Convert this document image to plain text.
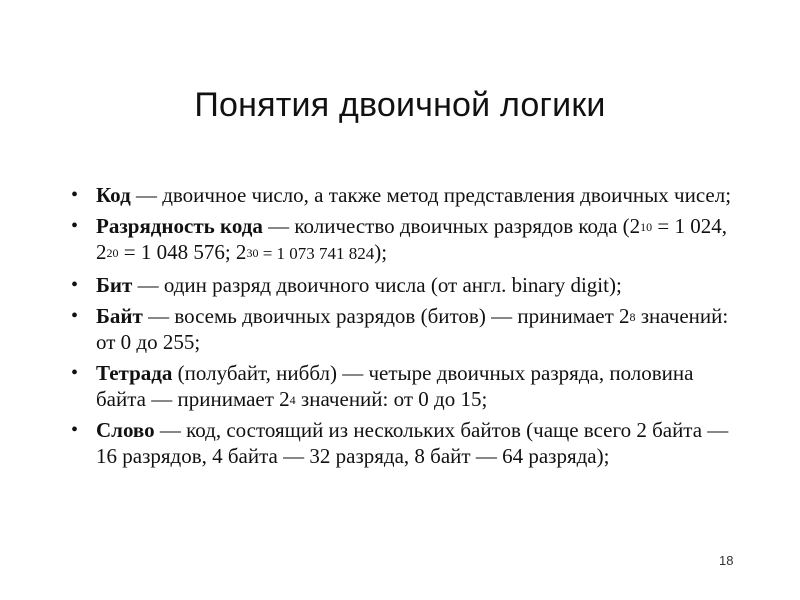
Понятия двоичной логики
• Код — двоичное число, а также метод представления двоичных чисел;
• Разрядность кода — количество двоичных разрядов кода ($2^{10} = 1$ 024, $2^{20} = 1$ 048 576; $2^{30} = 1$ 073 741 824);
• Бит — один разряд двоичного числа (от англ. binary digit);
• Байт — восемь двоичных разрядов (битов) — принимает $2^8$ значений: от 0 до 255;
• Тетрада (полубайт, ниббл) — четыре двоичных разряда, половина байта — принимает $2^4$ значений: от 0 до 15;
• Слово — код, состоящий из нескольких байтов (чаще всего 2 байта — 16 разрядов, 4 байта — 32 разряда, 8 байт — 64 разряда);
18
